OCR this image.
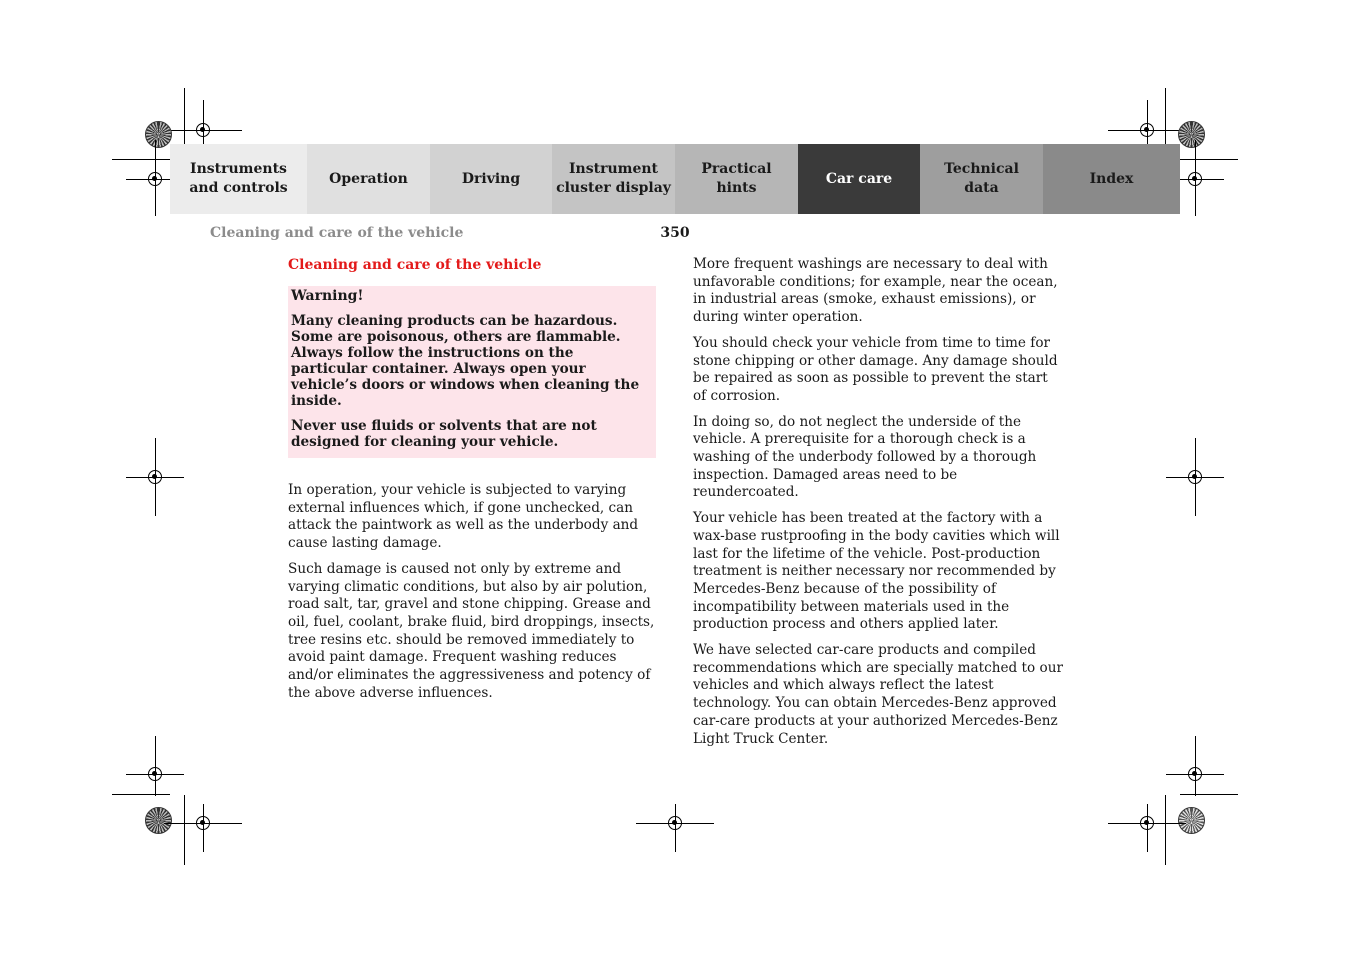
Instruments
and controls
Operation	Driving
Instrument
cluster display
Practical hints
Car care
Technical
data
Index
Cleaning and care of the vehicle	350
Cleaning and care of the vehicle
Warning!

Many cleaning products can be hazardous. Some are poisonous, others are flammable. Always follow the instructions on the particular container. Always open your vehicle’s doors or windows when cleaning the inside.

Never use fluids or solvents that are not designed for cleaning your vehicle.

In operation, your vehicle is subjected to varying external influences which, if gone unchecked, can attack the paintwork as well as the underbody and cause lasting damage.

Such damage is caused not only by extreme and varying climatic conditions, but also by air polution, road salt, tar, gravel and stone chipping. Grease and oil, fuel, coolant, brake fluid, bird droppings, insects, tree resins etc. should be removed immediately to avoid paint damage. Frequent washing reduces and/or eliminates the aggressiveness and potency of the above adverse influences.

More frequent washings are necessary to deal with unfavorable conditions; for example, near the ocean, in industrial areas (smoke, exhaust emissions), or during winter operation.

You should check your vehicle from time to time for stone chipping or other damage. Any damage should be repaired as soon as possible to prevent the start of corrosion.

In doing so, do not neglect the underside of the vehicle. A prerequisite for a thorough check is a washing of the underbody followed by a thorough inspection. Damaged areas need to be reundercoated.

Your vehicle has been treated at the factory with a wax-base rustproofing in the body cavities which will last for the lifetime of the vehicle. Post-production treatment is neither necessary nor recommended by Mercedes-Benz because of the possibility of incompatibility between materials used in the production process and others applied later.

We have selected car-care products and compiled recommendations which are specially matched to our vehicles and which always reflect the latest technology. You can obtain Mercedes-Benz approved car-care products at your authorized Mercedes-Benz Light Truck Center.
